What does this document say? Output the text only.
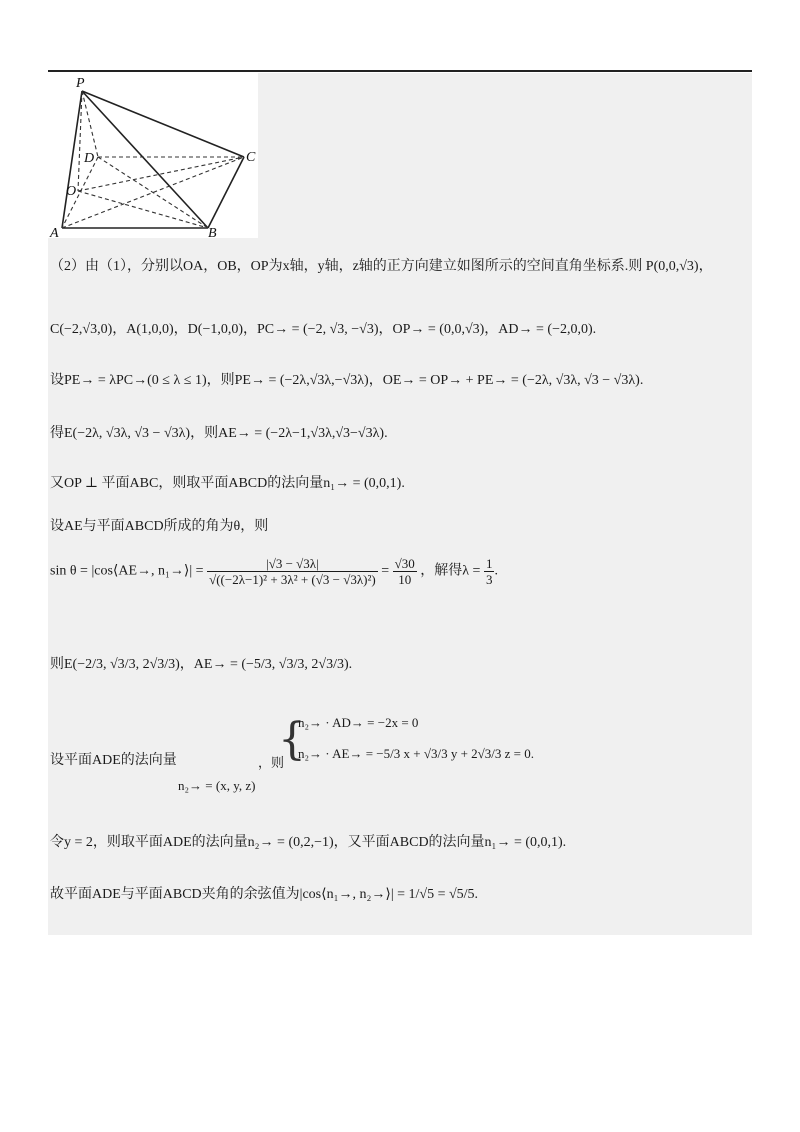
P
D	C
O
A	B
（2）由（1），分别以OA，OB，OP为x轴，y轴，z轴的正方向建立如图所示的空间直角坐标系.则 P(0,0,√3)，
C(−2,√3,0)，A(1,0,0)，D(−1,0,0)，PC→ = (−2, √3, −√3)，OP→ = (0,0,√3)，AD→ = (−2,0,0).
设PE→ = λPC→(0 ≤ λ ≤ 1)，则PE→ = (−2λ,√3λ,−√3λ)，OE→ = OP→ + PE→ = (−2λ, √3λ, √3 − √3λ).
得E(−2λ, √3λ, √3 − √3λ)，则AE→ = (−2λ−1,√3λ,√3−√3λ).
又OP ⊥ 平面ABC，则取平面ABCD的法向量n₁→ = (0,0,1).
设AE与平面ABCD所成的角为θ，则
sin θ = |cos⟨AE→, n₁→⟩| = $\frac{|√3 - √3\lambda|}{\text{√((−2λ−1)² + 3λ² + (√3 − √3λ)²)}} = \frac{√30}{10}$ ，解得$\lambda = \frac{1}{3}$ .
则E(−2/3, √3/3, 2√3/3)，AE→ = (−5/3, √3/3, 2√3/3).
设平面ADE的法向量
n₂→ = (x, y, z)
，则
{
n₂→ · AD→ = −2x = 0
n₂→ · AE→ = −5/3 x + √3/3 y + 2√3/3 z = 0.
令y = 2，则取平面ADE的法向量n₂→ = (0,2,−1)，又平面ABCD的法向量n₁→ = (0,0,1).
故平面ADE与平面ABCD夹角的余弦值为|cos⟨n₁→, n₂→⟩| = 1/√5 = √5/5.
